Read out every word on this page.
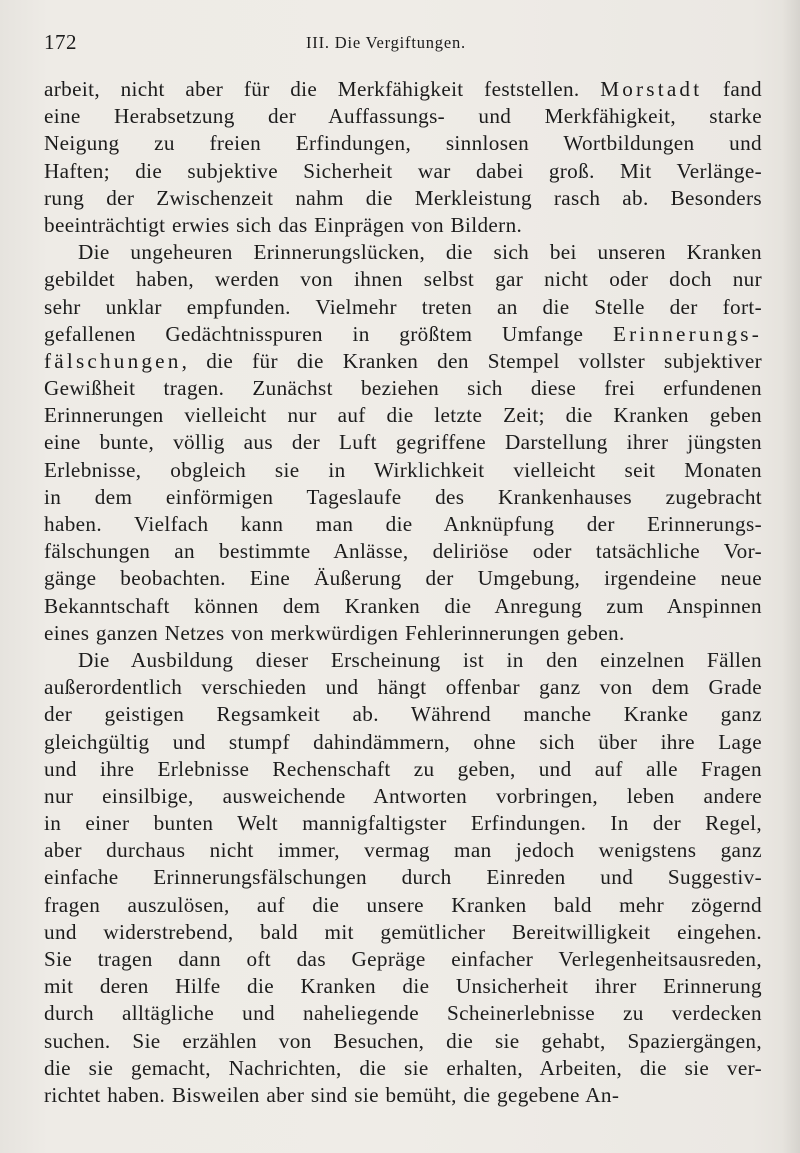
172	III. Die Vergiftungen.

arbeit, nicht aber für die Merkfähigkeit feststellen. Morstadt fand
eine Herabsetzung der Auffassungs- und Merkfähigkeit, starke
Neigung zu freien Erfindungen, sinnlosen Wortbildungen und
Haften; die subjektive Sicherheit war dabei groß. Mit Verlänge-
rung der Zwischenzeit nahm die Merkleistung rasch ab. Besonders
beeinträchtigt erwies sich das Einprägen von Bildern.

Die ungeheuren Erinnerungslücken, die sich bei unseren Kranken
gebildet haben, werden von ihnen selbst gar nicht oder doch nur
sehr unklar empfunden. Vielmehr treten an die Stelle der fort-
gefallenen Gedächtnisspuren in größtem Umfange Erinnerungs-
fälschungen, die für die Kranken den Stempel vollster subjektiver
Gewißheit tragen. Zunächst beziehen sich diese frei erfundenen
Erinnerungen vielleicht nur auf die letzte Zeit; die Kranken geben
eine bunte, völlig aus der Luft gegriffene Darstellung ihrer jüngsten
Erlebnisse, obgleich sie in Wirklichkeit vielleicht seit Monaten
in dem einförmigen Tageslaufe des Krankenhauses zugebracht
haben. Vielfach kann man die Anknüpfung der Erinnerungs-
fälschungen an bestimmte Anlässe, deliriöse oder tatsächliche Vor-
gänge beobachten. Eine Äußerung der Umgebung, irgendeine neue
Bekanntschaft können dem Kranken die Anregung zum Anspinnen
eines ganzen Netzes von merkwürdigen Fehlerinnerungen geben.

Die Ausbildung dieser Erscheinung ist in den einzelnen Fällen
außerordentlich verschieden und hängt offenbar ganz von dem Grade
der geistigen Regsamkeit ab. Während manche Kranke ganz
gleichgültig und stumpf dahindämmern, ohne sich über ihre Lage
und ihre Erlebnisse Rechenschaft zu geben, und auf alle Fragen
nur einsilbige, ausweichende Antworten vorbringen, leben andere
in einer bunten Welt mannigfaltigster Erfindungen. In der Regel,
aber durchaus nicht immer, vermag man jedoch wenigstens ganz
einfache Erinnerungsfälschungen durch Einreden und Suggestiv-
fragen auszulösen, auf die unsere Kranken bald mehr zögernd
und widerstrebend, bald mit gemütlicher Bereitwilligkeit eingehen.
Sie tragen dann oft das Gepräge einfacher Verlegenheitsausreden,
mit deren Hilfe die Kranken die Unsicherheit ihrer Erinnerung
durch alltägliche und naheliegende Scheinerlebnisse zu verdecken
suchen. Sie erzählen von Besuchen, die sie gehabt, Spaziergängen,
die sie gemacht, Nachrichten, die sie erhalten, Arbeiten, die sie ver-
richtet haben. Bisweilen aber sind sie bemüht, die gegebene An-
